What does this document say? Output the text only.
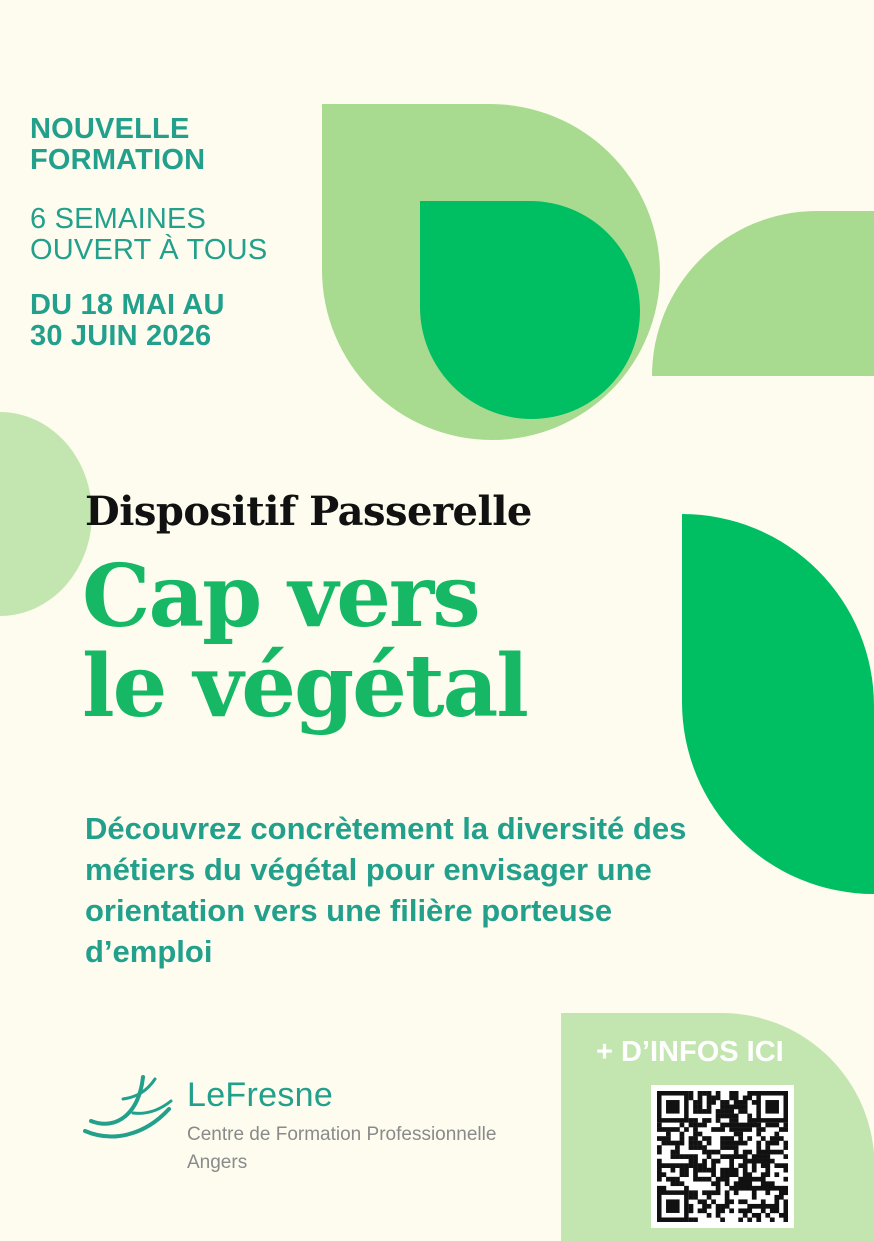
NOUVELLE
FORMATION
6 SEMAINES
OUVERT À TOUS
DU 18 MAI AU
30 JUIN 2026
Dispositif Passerelle
Cap vers
le végétal
Découvrez concrètement la diversité des métiers du végétal pour envisager une orientation vers une filière porteuse d’emploi
LeFresne
Centre de Formation Professionnelle
Angers
+ D’INFOS ICI
